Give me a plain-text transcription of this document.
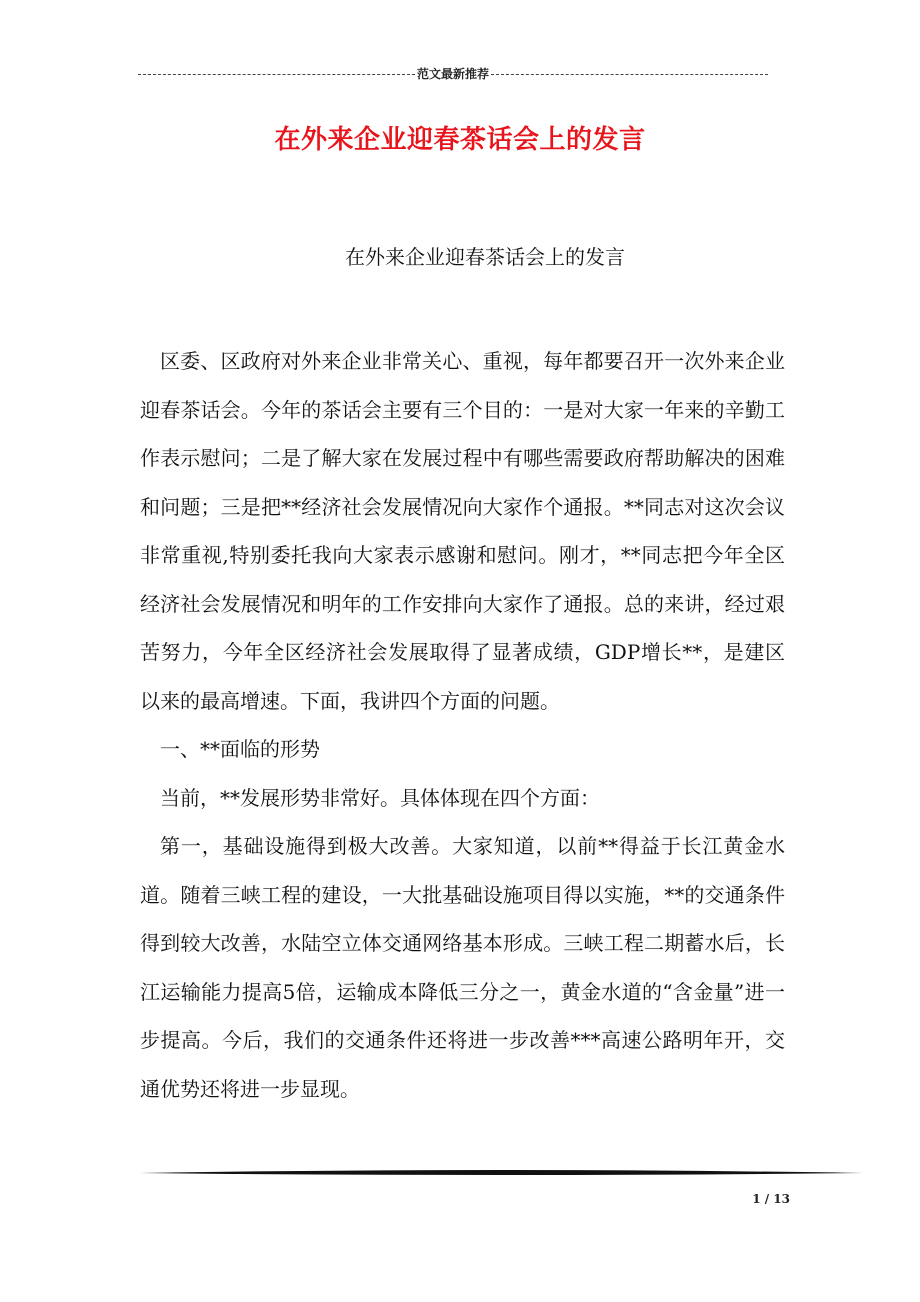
范文最新推荐
在外来企业迎春茶话会上的发言
在外来企业迎春茶话会上的发言

区委、区政府对外来企业非常关心、重视，每年都要召开一次外来企业迎春茶话会。今年的茶话会主要有三个目的：一是对大家一年来的辛勤工作表示慰问；二是了解大家在发展过程中有哪些需要政府帮助解决的困难和问题；三是把**经济社会发展情况向大家作个通报。**同志对这次会议非常重视,特别委托我向大家表示感谢和慰问。刚才，**同志把今年全区经济社会发展情况和明年的工作安排向大家作了通报。总的来讲，经过艰苦努力，今年全区经济社会发展取得了显著成绩，GDP增长**，是建区以来的最高增速。下面，我讲四个方面的问题。

一、**面临的形势

当前，**发展形势非常好。具体体现在四个方面：

第一，基础设施得到极大改善。大家知道，以前**得益于长江黄金水道。随着三峡工程的建设，一大批基础设施项目得以实施，**的交通条件得到较大改善，水陆空立体交通网络基本形成。三峡工程二期蓄水后，长江运输能力提高5倍，运输成本降低三分之一，黄金水道的“含金量”进一步提高。今后，我们的交通条件还将进一步改善***高速公路明年开，交通优势还将进一步显现。

1 / 13
